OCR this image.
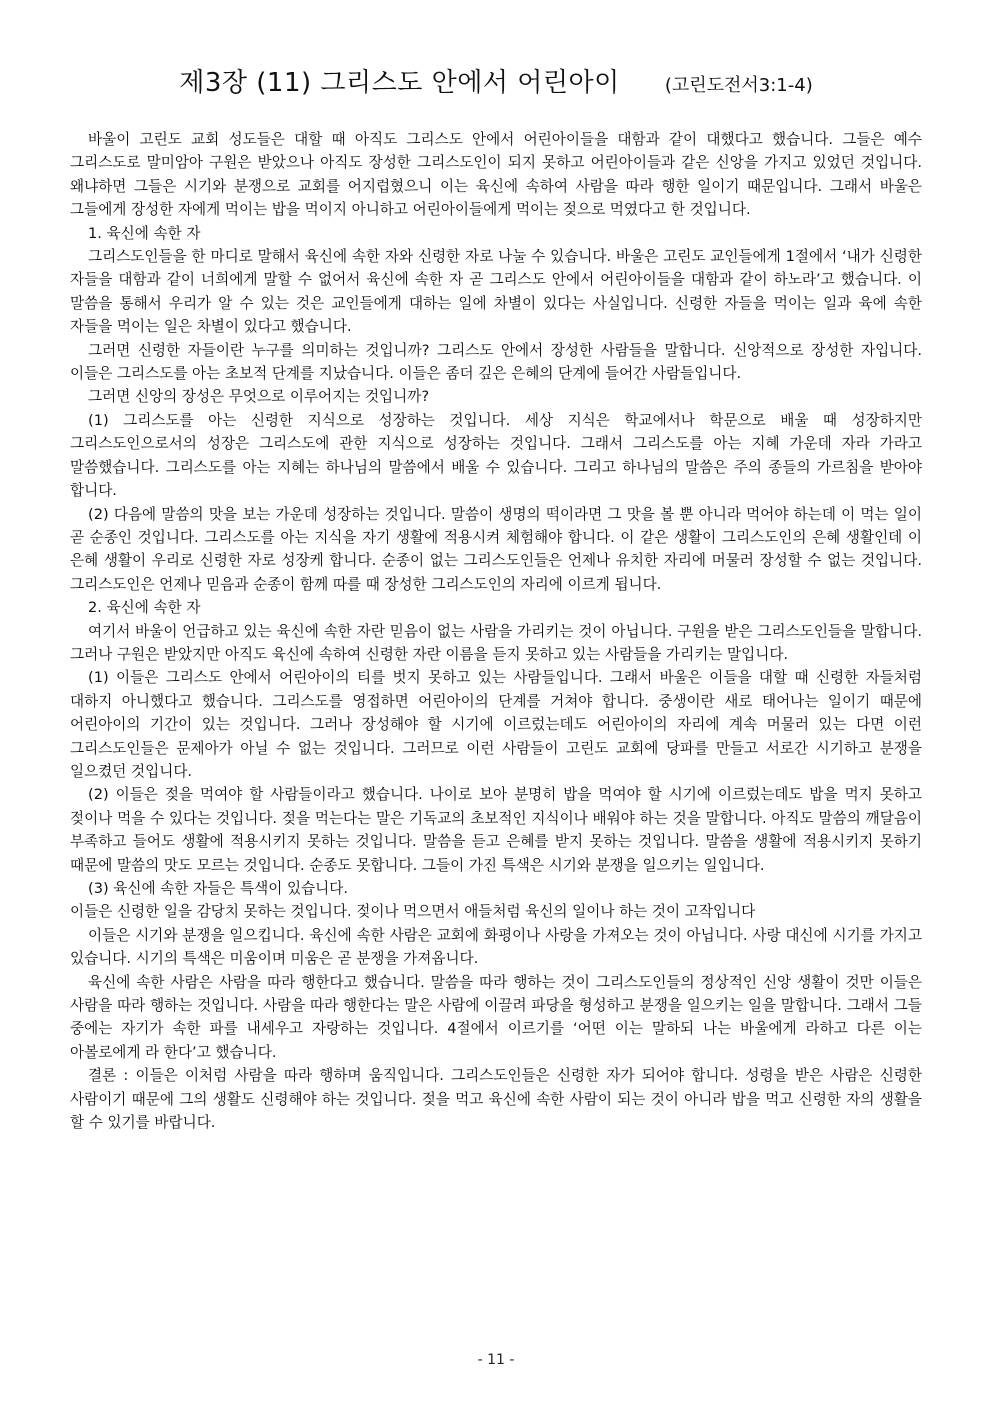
제3장 (11) 그리스도 안에서 어린아이	(고린도전서3:1-4)

바울이 고린도 교회 성도들은 대할 때 아직도 그리스도 안에서 어린아이들을 대함과 같이 대했다고 했습니다. 그들은 예수 그리스도로 말미암아 구원은 받았으나 아직도 장성한 그리스도인이 되지 못하고 어린아이들과 같은 신앙을 가지고 있었던 것입니다. 왜냐하면 그들은 시기와 분쟁으로 교회를 어지럽혔으니 이는 육신에 속하여 사람을 따라 행한 일이기 때문입니다. 그래서 바울은 그들에게 장성한 자에게 먹이는 밥을 먹이지 아니하고 어린아이들에게 먹이는 젖으로 먹였다고 한 것입니다.

1. 육신에 속한 자

그리스도인들을 한 마디로 말해서 육신에 속한 자와 신령한 자로 나눌 수 있습니다. 바울은 고린도 교인들에게 1절에서 ‘내가 신령한 자들을 대함과 같이 너희에게 말할 수 없어서 육신에 속한 자 곧 그리스도 안에서 어린아이들을 대함과 같이 하노라’고 했습니다. 이 말씀을 통해서 우리가 알 수 있는 것은 교인들에게 대하는 일에 차별이 있다는 사실입니다. 신령한 자들을 먹이는 일과 육에 속한 자들을 먹이는 일은 차별이 있다고 했습니다.

그러면 신령한 자들이란 누구를 의미하는 것입니까? 그리스도 안에서 장성한 사람들을 말합니다. 신앙적으로 장성한 자입니다. 이들은 그리스도를 아는 초보적 단계를 지났습니다. 이들은 좀더 깊은 은혜의 단계에 들어간 사람들입니다.

그러면 신앙의 장성은 무엇으로 이루어지는 것입니까?

(1) 그리스도를 아는 신령한 지식으로 성장하는 것입니다. 세상 지식은 학교에서나 학문으로 배울 때 성장하지만 그리스도인으로서의 성장은 그리스도에 관한 지식으로 성장하는 것입니다. 그래서 그리스도를 아는 지혜 가운데 자라 가라고 말씀했습니다. 그리스도를 아는 지혜는 하나님의 말씀에서 배울 수 있습니다. 그리고 하나님의 말씀은 주의 종들의 가르침을 받아야 합니다.

(2) 다음에 말씀의 맛을 보는 가운데 성장하는 것입니다. 말씀이 생명의 떡이라면 그 맛을 볼 뿐 아니라 먹어야 하는데 이 먹는 일이 곧 순종인 것입니다. 그리스도를 아는 지식을 자기 생활에 적용시켜 체험해야 합니다. 이 같은 생활이 그리스도인의 은혜 생활인데 이 은혜 생활이 우리로 신령한 자로 성장케 합니다. 순종이 없는 그리스도인들은 언제나 유치한 자리에 머물러 장성할 수 없는 것입니다. 그리스도인은 언제나 믿음과 순종이 함께 따를 때 장성한 그리스도인의 자리에 이르게 됩니다.

2. 육신에 속한 자

여기서 바울이 언급하고 있는 육신에 속한 자란 믿음이 없는 사람을 가리키는 것이 아닙니다. 구원을 받은 그리스도인들을 말합니다. 그러나 구원은 받았지만 아직도 육신에 속하여 신령한 자란 이름을 듣지 못하고 있는 사람들을 가리키는 말입니다.

(1) 이들은 그리스도 안에서 어린아이의 티를 벗지 못하고 있는 사람들입니다. 그래서 바울은 이들을 대할 때 신령한 자들처럼 대하지 아니했다고 했습니다. 그리스도를 영접하면 어린아이의 단계를 거쳐야 합니다. 중생이란 새로 태어나는 일이기 때문에 어린아이의 기간이 있는 것입니다. 그러나 장성해야 할 시기에 이르렀는데도 어린아이의 자리에 계속 머물러 있는 다면 이런 그리스도인들은 문제아가 아닐 수 없는 것입니다. 그러므로 이런 사람들이 고린도 교회에 당파를 만들고 서로간 시기하고 분쟁을 일으켰던 것입니다.

(2) 이들은 젖을 먹여야 할 사람들이라고 했습니다. 나이로 보아 분명히 밥을 먹여야 할 시기에 이르렀는데도 밥을 먹지 못하고 젖이나 먹을 수 있다는 것입니다. 젖을 먹는다는 말은 기독교의 초보적인 지식이나 배워야 하는 것을 말합니다. 아직도 말씀의 깨달음이 부족하고 들어도 생활에 적용시키지 못하는 것입니다. 말씀을 듣고 은혜를 받지 못하는 것입니다. 말씀을 생활에 적용시키지 못하기 때문에 말씀의 맛도 모르는 것입니다. 순종도 못합니다. 그들이 가진 특색은 시기와 분쟁을 일으키는 일입니다.

(3) 육신에 속한 자들은 특색이 있습니다.

이들은 신령한 일을 감당치 못하는 것입니다. 젖이나 먹으면서 애들처럼 육신의 일이나 하는 것이 고작입니다

이들은 시기와 분쟁을 일으킵니다. 육신에 속한 사람은 교회에 화평이나 사랑을 가져오는 것이 아닙니다. 사랑 대신에 시기를 가지고 있습니다. 시기의 특색은 미움이며 미움은 곧 분쟁을 가져옵니다.

육신에 속한 사람은 사람을 따라 행한다고 했습니다. 말씀을 따라 행하는 것이 그리스도인들의 정상적인 신앙 생활이 것만 이들은 사람을 따라 행하는 것입니다. 사람을 따라 행한다는 말은 사람에 이끌려 파당을 형성하고 분쟁을 일으키는 일을 말합니다. 그래서 그들 중에는 자기가 속한 파를 내세우고 자랑하는 것입니다. 4절에서 이르기를 ‘어떤 이는 말하되 나는 바울에게 라하고 다른 이는 아볼로에게 라 한다’고 했습니다.

결론 : 이들은 이처럼 사람을 따라 행하며 움직입니다. 그리스도인들은 신령한 자가 되어야 합니다. 성령을 받은 사람은 신령한 사람이기 때문에 그의 생활도 신령해야 하는 것입니다. 젖을 먹고 육신에 속한 사람이 되는 것이 아니라 밥을 먹고 신령한 자의 생활을 할 수 있기를 바랍니다.

- 11 -
